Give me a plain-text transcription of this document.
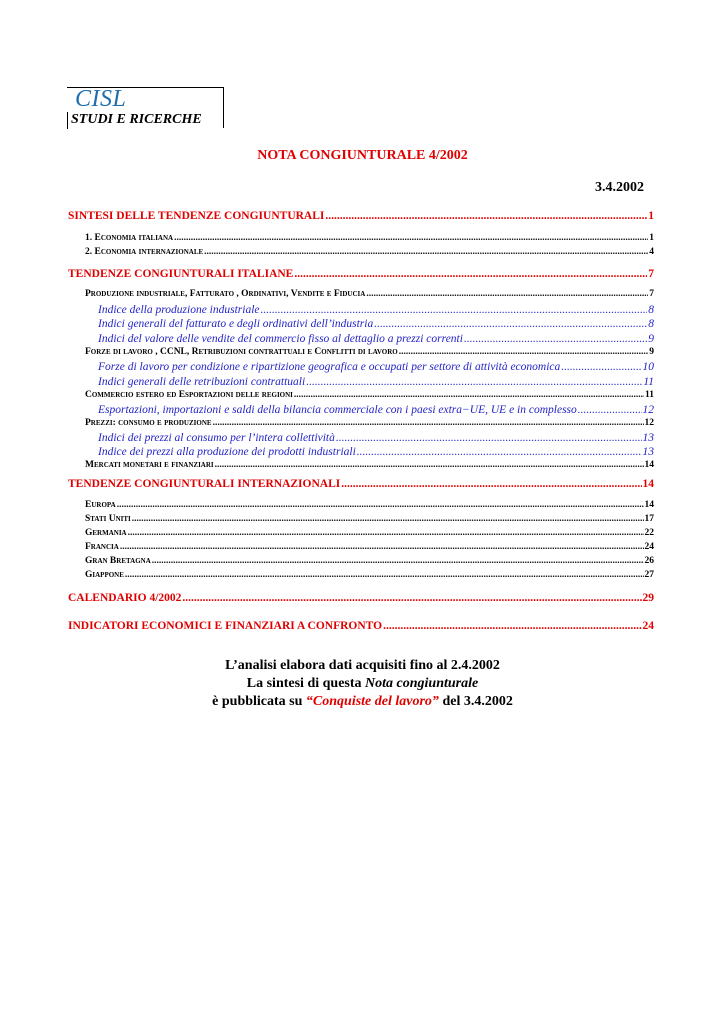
CISL
STUDI E RICERCHE
NOTA CONGIUNTURALE 4/2002
3.4.2002
SINTESI DELLE TENDENZE CONGIUNTURALI .....	1
1. Economia italiana .....	1
2. Economia internazionale .....	4
TENDENZE CONGIUNTURALI ITALIANE .....	7
Produzione industriale, Fatturato , Ordinativi, Vendite e Fiducia .....	7
Indice della produzione industriale .....	8
Indici generali del fatturato e degli ordinativi dell’industria .....	8
Indici del valore delle vendite del commercio fisso al dettaglio a prezzi correnti .....	9
Forze di lavoro , CCNL, Retribuzioni contrattuali e Conflitti di lavoro .....	9
Forze di lavoro per condizione e ripartizione geografica e occupati per settore di attività economica .....	10
Indici generali delle retribuzioni contrattuali .....	11
Commercio estero ed Esportazioni delle regioni .....	11
Esportazioni, importazioni e saldi della bilancia commerciale con i paesi extra−UE, UE e in complesso .....	12
Prezzi: consumo e produzione .....	12
Indici dei prezzi al consumo per l’intera collettività .....	13
Indice dei prezzi alla produzione dei prodotti industriali .....	13
Mercati monetari e finanziari .....	14
TENDENZE CONGIUNTURALI INTERNAZIONALI .....	14
Europa .....	14
Stati Uniti .....	17
Germania .....	22
Francia .....	24
Gran Bretagna .....	26
Giappone .....	27
CALENDARIO 4/2002 .....	29
INDICATORI ECONOMICI E FINANZIARI A CONFRONTO .....	24
L’analisi elabora dati acquisiti fino al 2.4.2002
La sintesi di questa Nota congiunturale
è pubblicata su “Conquiste del lavoro” del 3.4.2002
